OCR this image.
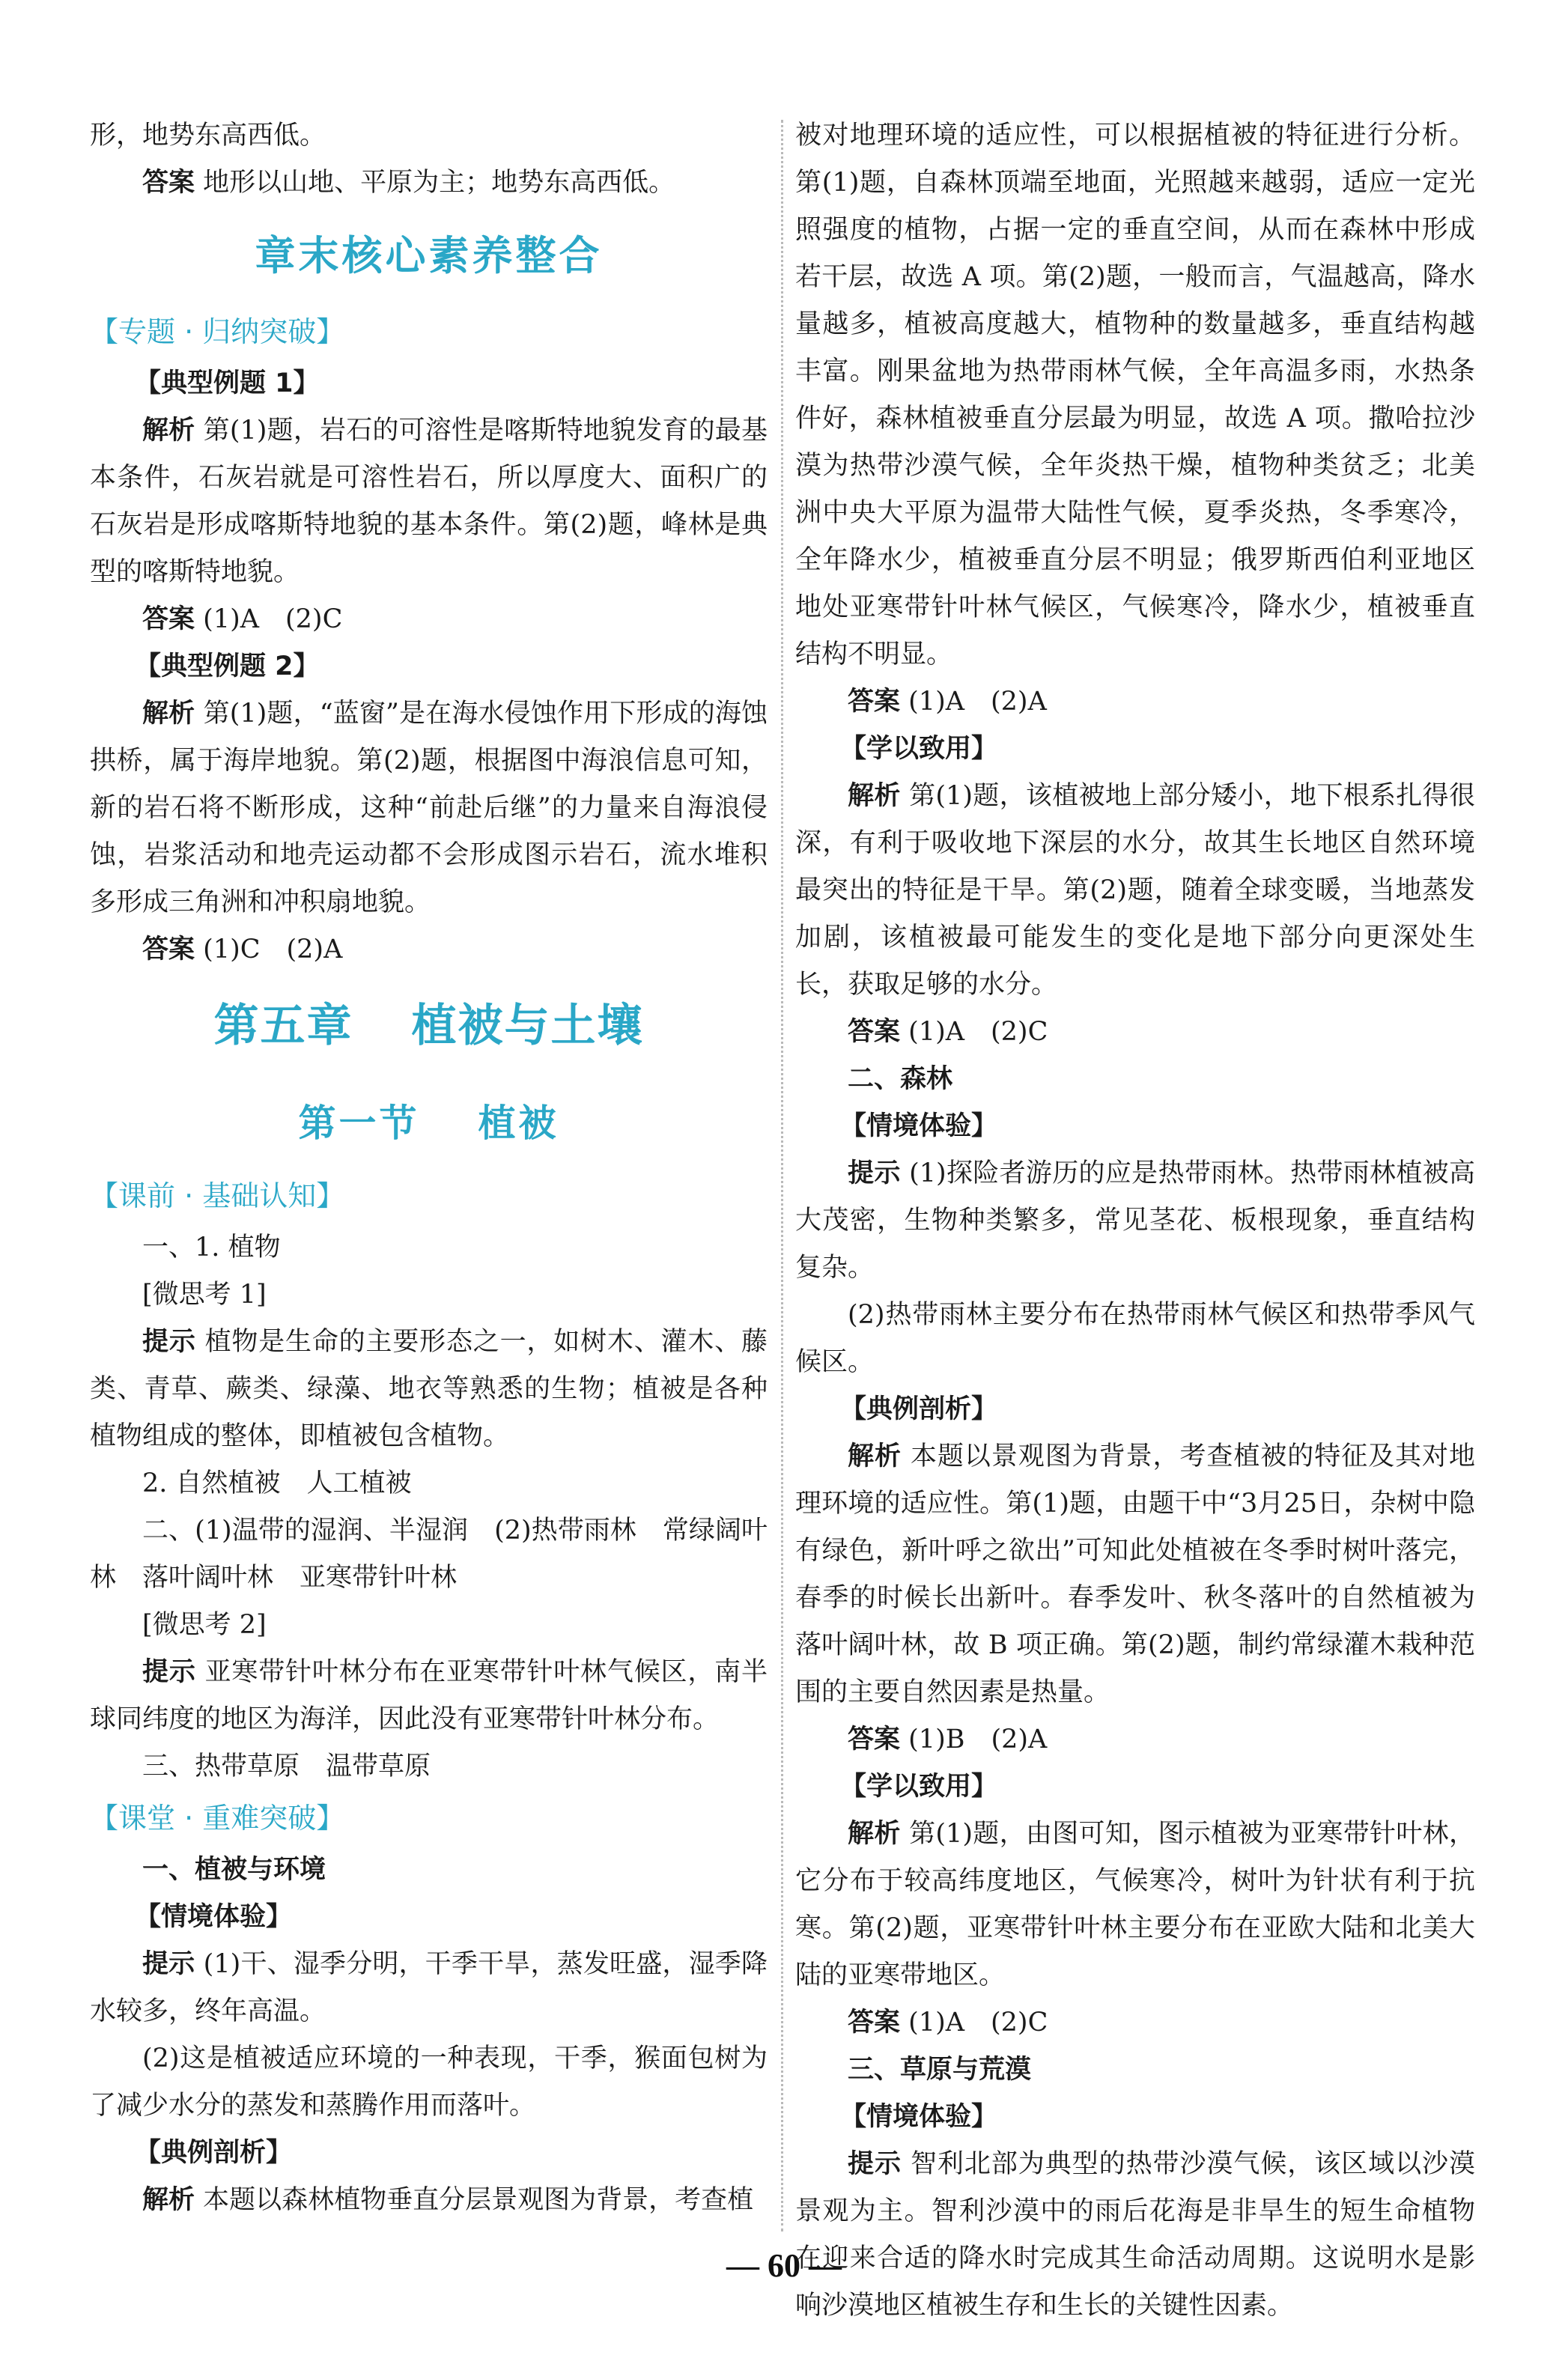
形，地势东高西低。

答案 地形以山地、平原为主；地势东高西低。

章末核心素养整合

【专题 · 归纳突破】

【典型例题 1】

解析 第(1)题，岩石的可溶性是喀斯特地貌发育的最基本条件，石灰岩就是可溶性岩石，所以厚度大、面积广的石灰岩是形成喀斯特地貌的基本条件。第(2)题，峰林是典型的喀斯特地貌。

答案 (1)A　(2)C

【典型例题 2】

解析 第(1)题，“蓝窗”是在海水侵蚀作用下形成的海蚀拱桥，属于海岸地貌。第(2)题，根据图中海浪信息可知，新的岩石将不断形成，这种“前赴后继”的力量来自海浪侵蚀，岩浆活动和地壳运动都不会形成图示岩石，流水堆积多形成三角洲和冲积扇地貌。

答案 (1)C　(2)A

第五章 植被与土壤

第一节 植被

【课前 · 基础认知】

一、1. 植物

[微思考 1]

提示 植物是生命的主要形态之一，如树木、灌木、藤类、青草、蕨类、绿藻、地衣等熟悉的生物；植被是各种植物组成的整体，即植被包含植物。

2. 自然植被　人工植被

二、(1)温带的湿润、半湿润　(2)热带雨林　常绿阔叶林　落叶阔叶林　亚寒带针叶林

[微思考 2]

提示 亚寒带针叶林分布在亚寒带针叶林气候区，南半球同纬度的地区为海洋，因此没有亚寒带针叶林分布。

三、热带草原　温带草原

【课堂 · 重难突破】

一、植被与环境

【情境体验】

提示 (1)干、湿季分明，干季干旱，蒸发旺盛，湿季降水较多，终年高温。

(2)这是植被适应环境的一种表现，干季，猴面包树为了减少水分的蒸发和蒸腾作用而落叶。

【典例剖析】

解析 本题以森林植物垂直分层景观图为背景，考查植

被对地理环境的适应性，可以根据植被的特征进行分析。第(1)题，自森林顶端至地面，光照越来越弱，适应一定光照强度的植物，占据一定的垂直空间，从而在森林中形成若干层，故选 A 项。第(2)题，一般而言，气温越高，降水量越多，植被高度越大，植物种的数量越多，垂直结构越丰富。刚果盆地为热带雨林气候，全年高温多雨，水热条件好，森林植被垂直分层最为明显，故选 A 项。撒哈拉沙漠为热带沙漠气候，全年炎热干燥，植物种类贫乏；北美洲中央大平原为温带大陆性气候，夏季炎热，冬季寒冷，全年降水少，植被垂直分层不明显；俄罗斯西伯利亚地区地处亚寒带针叶林气候区，气候寒冷，降水少，植被垂直结构不明显。

答案 (1)A　(2)A

【学以致用】

解析 第(1)题，该植被地上部分矮小，地下根系扎得很深，有利于吸收地下深层的水分，故其生长地区自然环境最突出的特征是干旱。第(2)题，随着全球变暖，当地蒸发加剧，该植被最可能发生的变化是地下部分向更深处生长，获取足够的水分。

答案 (1)A　(2)C

二、森林

【情境体验】

提示 (1)探险者游历的应是热带雨林。热带雨林植被高大茂密，生物种类繁多，常见茎花、板根现象，垂直结构复杂。

(2)热带雨林主要分布在热带雨林气候区和热带季风气候区。

【典例剖析】

解析 本题以景观图为背景，考查植被的特征及其对地理环境的适应性。第(1)题，由题干中“3月25日，杂树中隐有绿色，新叶呼之欲出”可知此处植被在冬季时树叶落完，春季的时候长出新叶。春季发叶、秋冬落叶的自然植被为落叶阔叶林，故 B 项正确。第(2)题，制约常绿灌木栽种范围的主要自然因素是热量。

答案 (1)B　(2)A

【学以致用】

解析 第(1)题，由图可知，图示植被为亚寒带针叶林，它分布于较高纬度地区，气候寒冷，树叶为针状有利于抗寒。第(2)题，亚寒带针叶林主要分布在亚欧大陆和北美大陆的亚寒带地区。

答案 (1)A　(2)C

三、草原与荒漠

【情境体验】

提示 智利北部为典型的热带沙漠气候，该区域以沙漠景观为主。智利沙漠中的雨后花海是非旱生的短生命植物在迎来合适的降水时完成其生命活动周期。这说明水是影响沙漠地区植被生存和生长的关键性因素。

— 60 —
